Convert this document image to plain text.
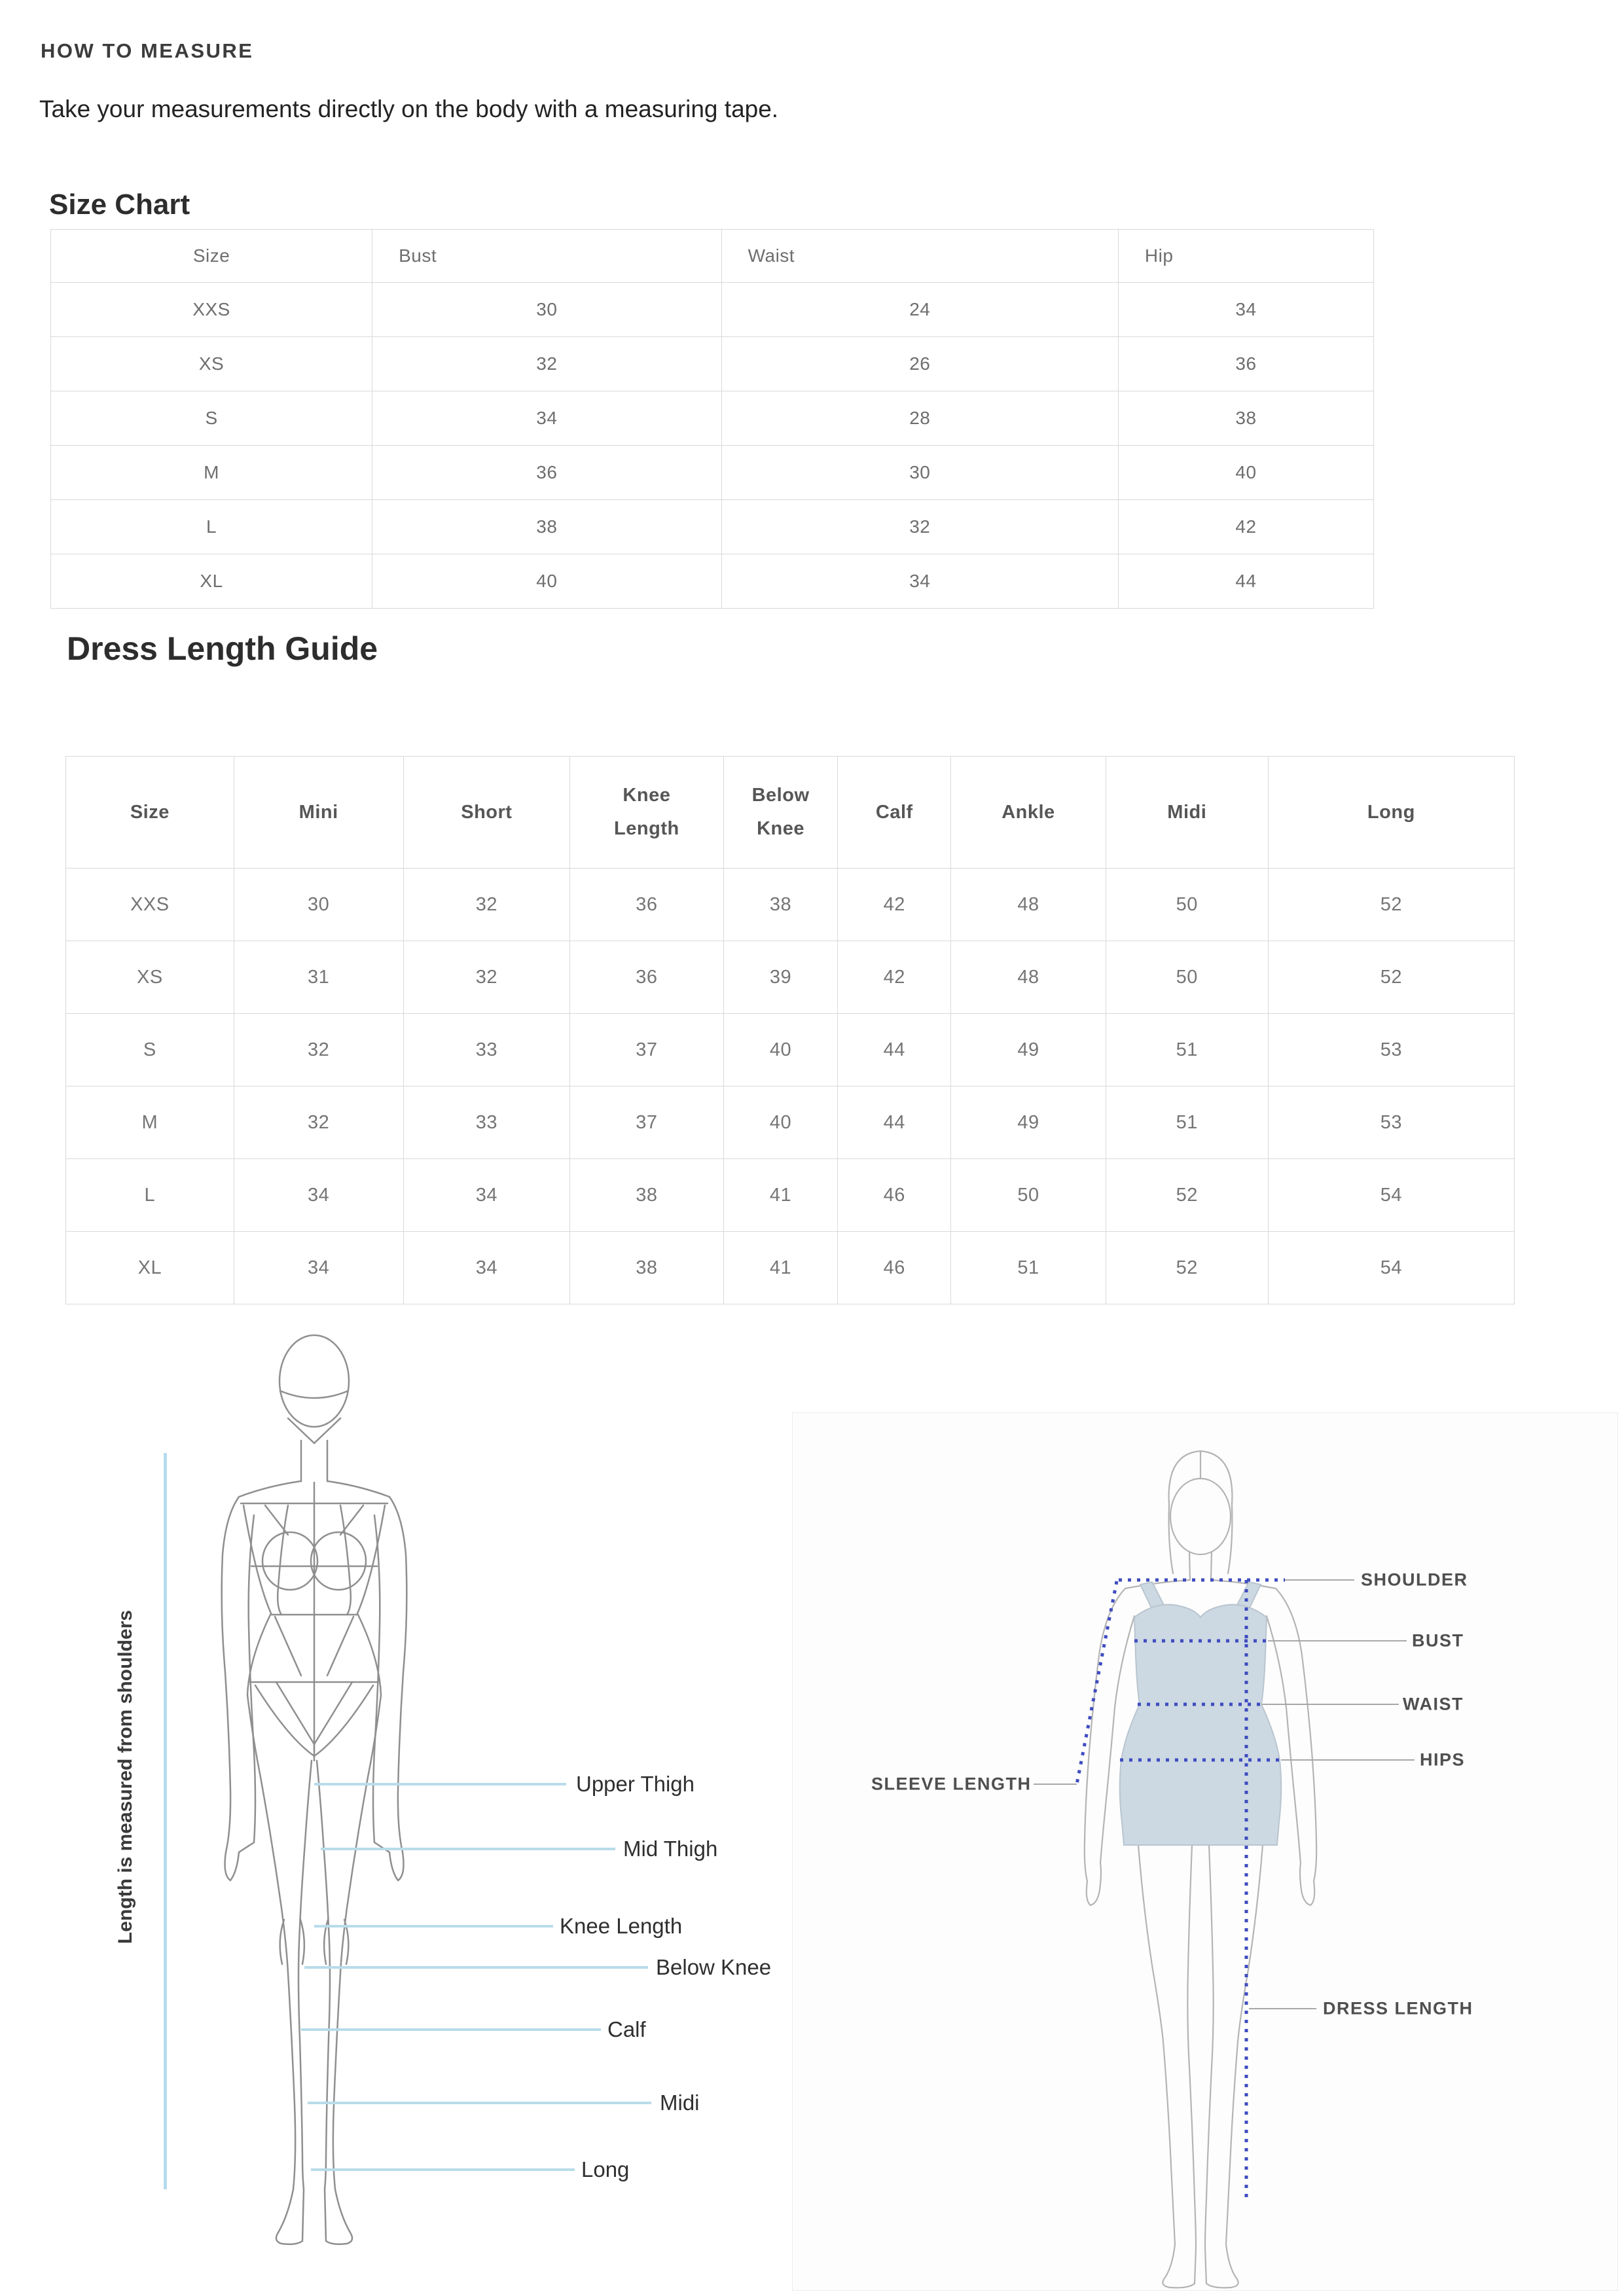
HOW TO MEASURE
Take your measurements directly on the body with a measuring tape.
Size Chart
Size	Bust	Waist	Hip
XXS	30	24	34
XS	32	26	36
S	34	28	38
M	36	30	40
L	38	32	42
XL	40	34	44
Dress Length Guide
Size	Mini	Short	Knee Length	Below Knee	Calf	Ankle	Midi	Long
XXS	30	32	36	38	42	48	50	52
XS	31	32	36	39	42	48	50	52
S	32	33	37	40	44	49	51	53
M	32	33	37	40	44	49	51	53
L	34	34	38	41	46	50	52	54
XL	34	34	38	41	46	51	52	54
Length is measured from shoulders	Upper Thigh
Mid Thigh
Knee Length
Below Knee
Calf
Midi
Long
SHOULDER
BUST
WAIST
HIPS
SLEEVE LENGTH
DRESS LENGTH
